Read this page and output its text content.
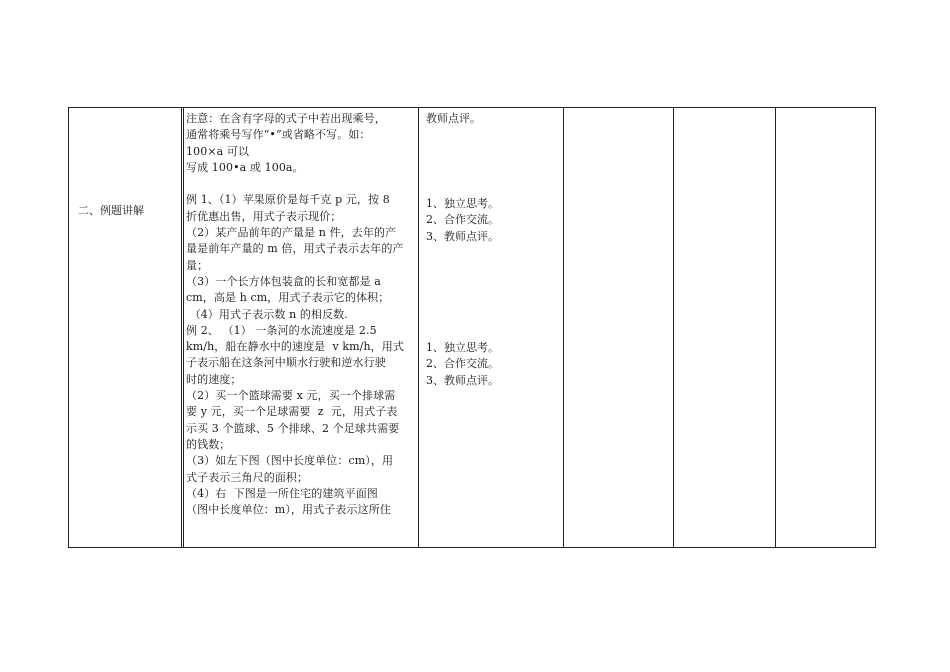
二、例题讲解
注意：在含有字母的式子中若出现乘号，
通常将乘号写作“•”或省略不写。如：
100×a 可以
写成 100•a 或 100a。
例 1、（1）苹果原价是每千克 p 元，按 8
折优惠出售，用式子表示现价；
（2）某产品前年的产量是 n 件，去年的产
量是前年产量的 m 倍，用式子表示去年的产
量；
（3）一个长方体包装盒的长和宽都是 a
cm，高是 h cm，用式子表示它的体积；
（4）用式子表示数 n 的相反数.
例 2、 （1） 一条河的水流速度是 2.5
km/h，船在静水中的速度是  v km/h，用式
子表示船在这条河中顺水行驶和逆水行驶
时的速度；
（2）买一个篮球需要 x 元，买一个排球需
要 y 元，买一个足球需要  z  元，用式子表
示买 3 个篮球、5 个排球、2 个足球共需要
的钱数；
（3）如左下图（图中长度单位：cm），用
式子表示三角尺的面积；
（4）右  下图是一所住宅的建筑平面图
（图中长度单位：m），用式子表示这所住
教师点评。
1、独立思考。
2、合作交流。
3、教师点评。
1、独立思考。
2、合作交流。
3、教师点评。
